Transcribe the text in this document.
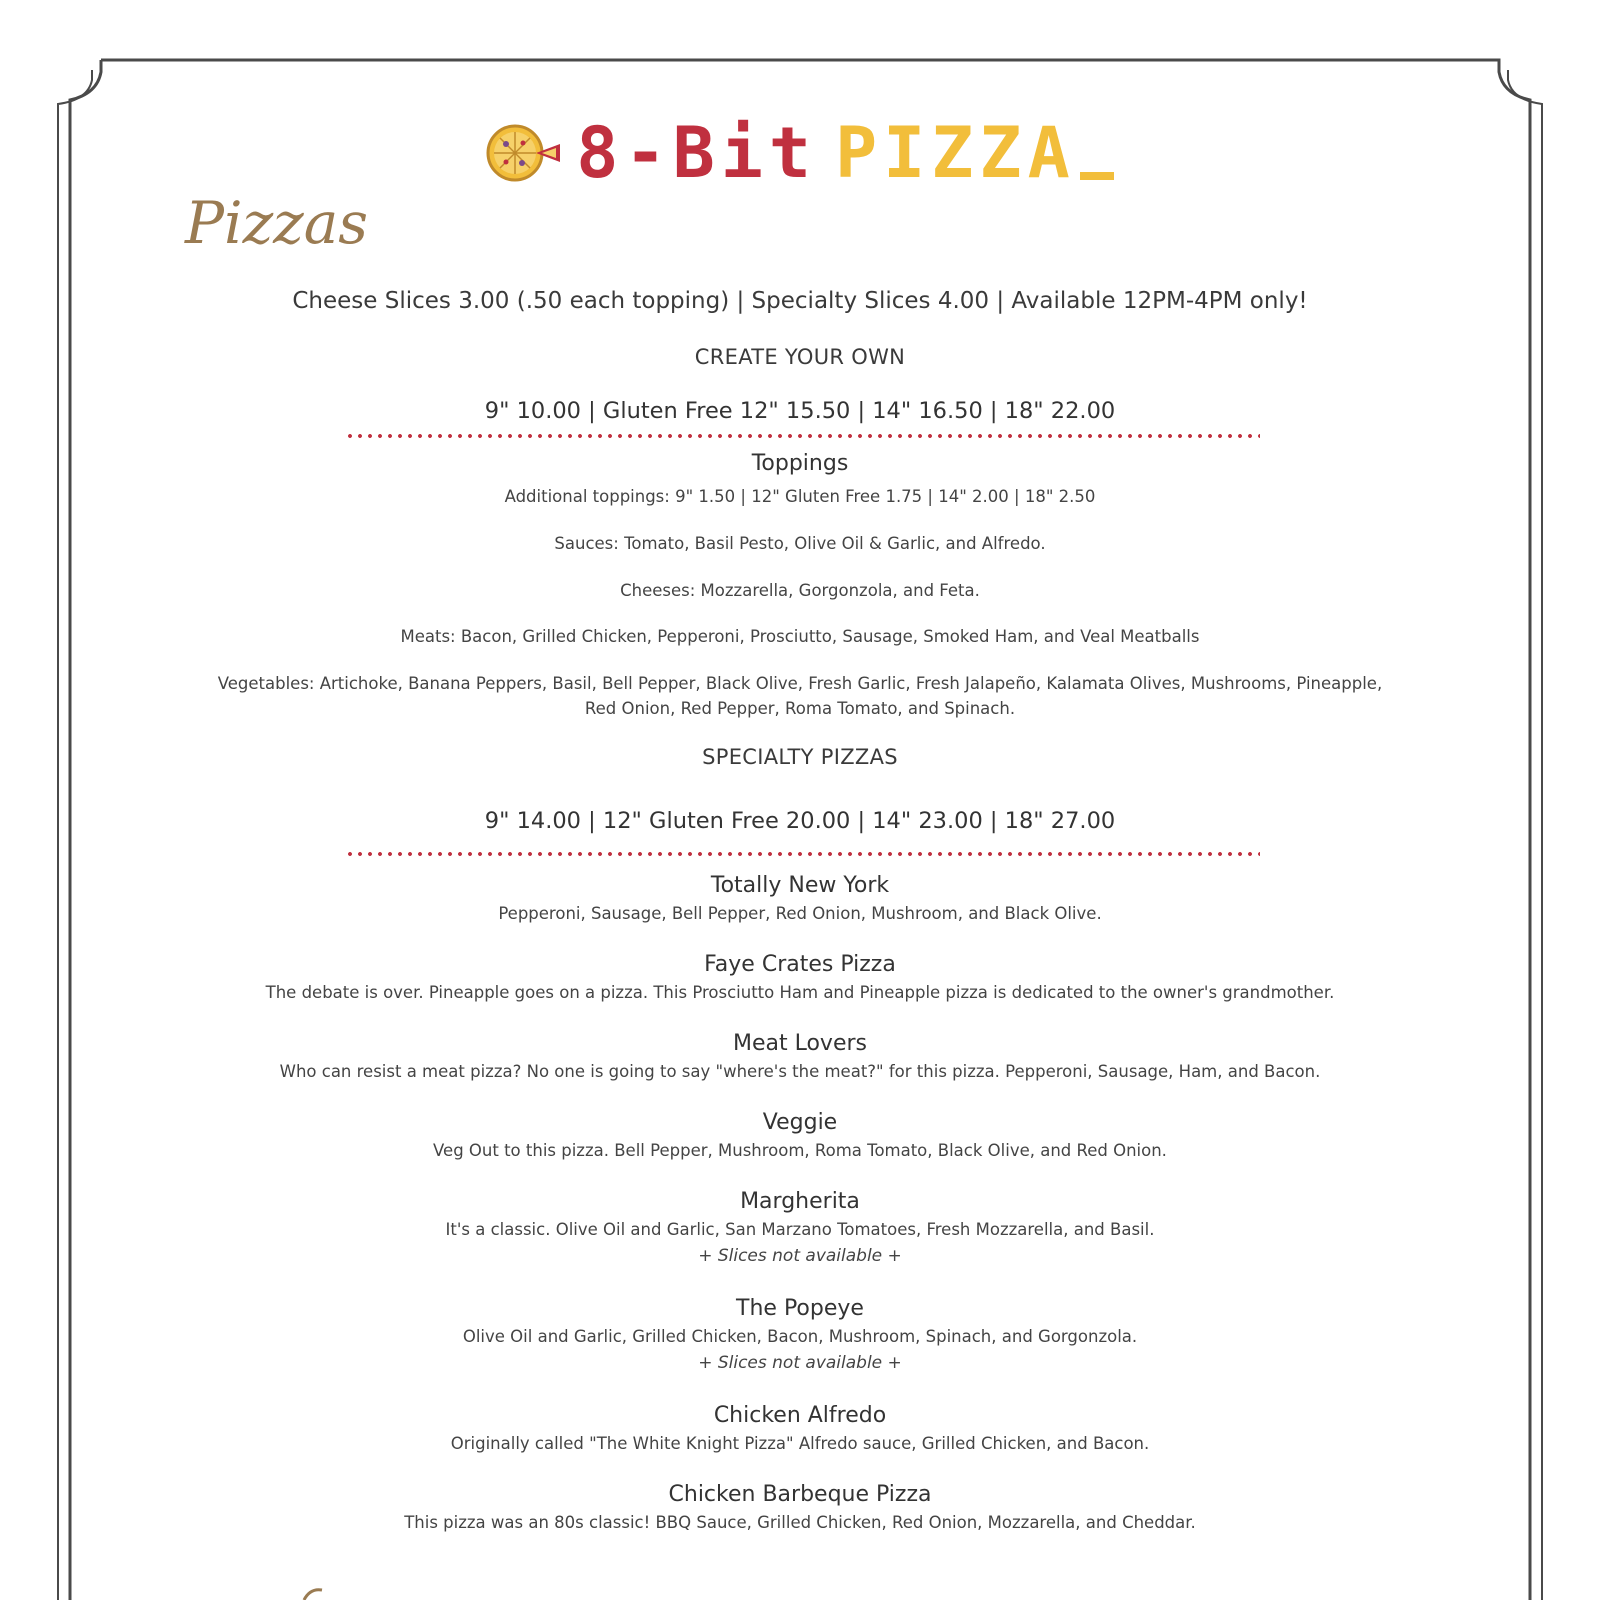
8-Bit PIZZA
Pizzas
Cheese Slices 3.00 (.50 each topping) | Specialty Slices 4.00 | Available 12PM-4PM only!
CREATE YOUR OWN
9" 10.00 | Gluten Free 12" 15.50 | 14" 16.50 | 18" 22.00
Toppings
Additional toppings: 9" 1.50 | 12" Gluten Free 1.75 | 14" 2.00 | 18" 2.50
Sauces: Tomato, Basil Pesto, Olive Oil & Garlic, and Alfredo.
Cheeses: Mozzarella, Gorgonzola, and Feta.
Meats: Bacon, Grilled Chicken, Pepperoni, Prosciutto, Sausage, Smoked Ham, and Veal Meatballs
Vegetables: Artichoke, Banana Peppers, Basil, Bell Pepper, Black Olive, Fresh Garlic, Fresh Jalapeño, Kalamata Olives, Mushrooms, Pineapple,
Red Onion, Red Pepper, Roma Tomato, and Spinach.
SPECIALTY PIZZAS
9" 14.00 | 12" Gluten Free 20.00 | 14" 23.00 | 18" 27.00
Totally New York
Pepperoni, Sausage, Bell Pepper, Red Onion, Mushroom, and Black Olive.
Faye Crates Pizza
The debate is over. Pineapple goes on a pizza. This Prosciutto Ham and Pineapple pizza is dedicated to the owner's grandmother.
Meat Lovers
Who can resist a meat pizza? No one is going to say "where's the meat?" for this pizza. Pepperoni, Sausage, Ham, and Bacon.
Veggie
Veg Out to this pizza. Bell Pepper, Mushroom, Roma Tomato, Black Olive, and Red Onion.
Margherita
It's a classic. Olive Oil and Garlic, San Marzano Tomatoes, Fresh Mozzarella, and Basil.
+ Slices not available +
The Popeye
Olive Oil and Garlic, Grilled Chicken, Bacon, Mushroom, Spinach, and Gorgonzola.
+ Slices not available +
Chicken Alfredo
Originally called "The White Knight Pizza" Alfredo sauce, Grilled Chicken, and Bacon.
Chicken Barbeque Pizza
This pizza was an 80s classic! BBQ Sauce, Grilled Chicken, Red Onion, Mozzarella, and Cheddar.
